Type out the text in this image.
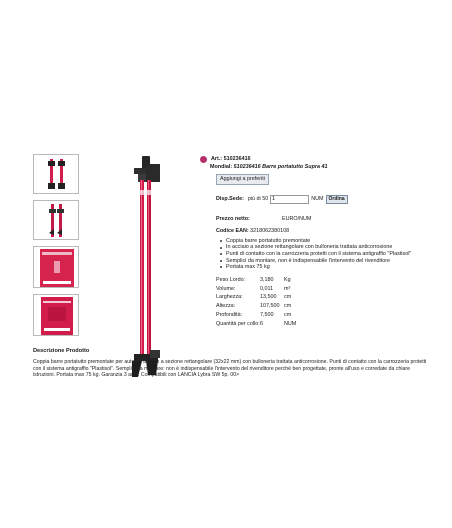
Art.:
510236416
Mondial: 510236416 Barre portatutto Supra 41
Aggiungi a preferiti
Disp.Sede: più di 50
1	NUM	Ordina
Prezzo netto:	EURO/NUM
Codice EAN: 3218062380108
Coppia barre portatutto premontate
In acciaio a sezione rettangolare con bulloneria trattata anticorrosione
Punti di contatto con la carrozzeria protetti con il sistema antigraffio "Plastisol"
Semplici da montare, non è indispensabile l'intervento del rivenditore
Portata max 75 kg
Peso Lordo:	3,180	Kg
Volume:	0,011	m³
Larghezza:	13,500	cm
Altezza:	107,500	cm
Profondità:	7,500	cm
Quantità per collo:	6	NUM
Descrizione Prodotto
Coppia barre portatutto premontate per auto. In acciaio a sezione rettangolare (32x22 mm) con bulloneria trattata anticorrosione. Punti di contatto con la carrozzeria protetti con il sistema antigraffio "Plastisol". Semplici da montare: non è indispensabile l'intervento del rivenditore perché ben progettate, pronte all'uso e corredate da chiare istruzioni. Portata max 75 kg. Garanzia 3 anni. Compatibili con LANCIA Lybra SW 5p. 00>
